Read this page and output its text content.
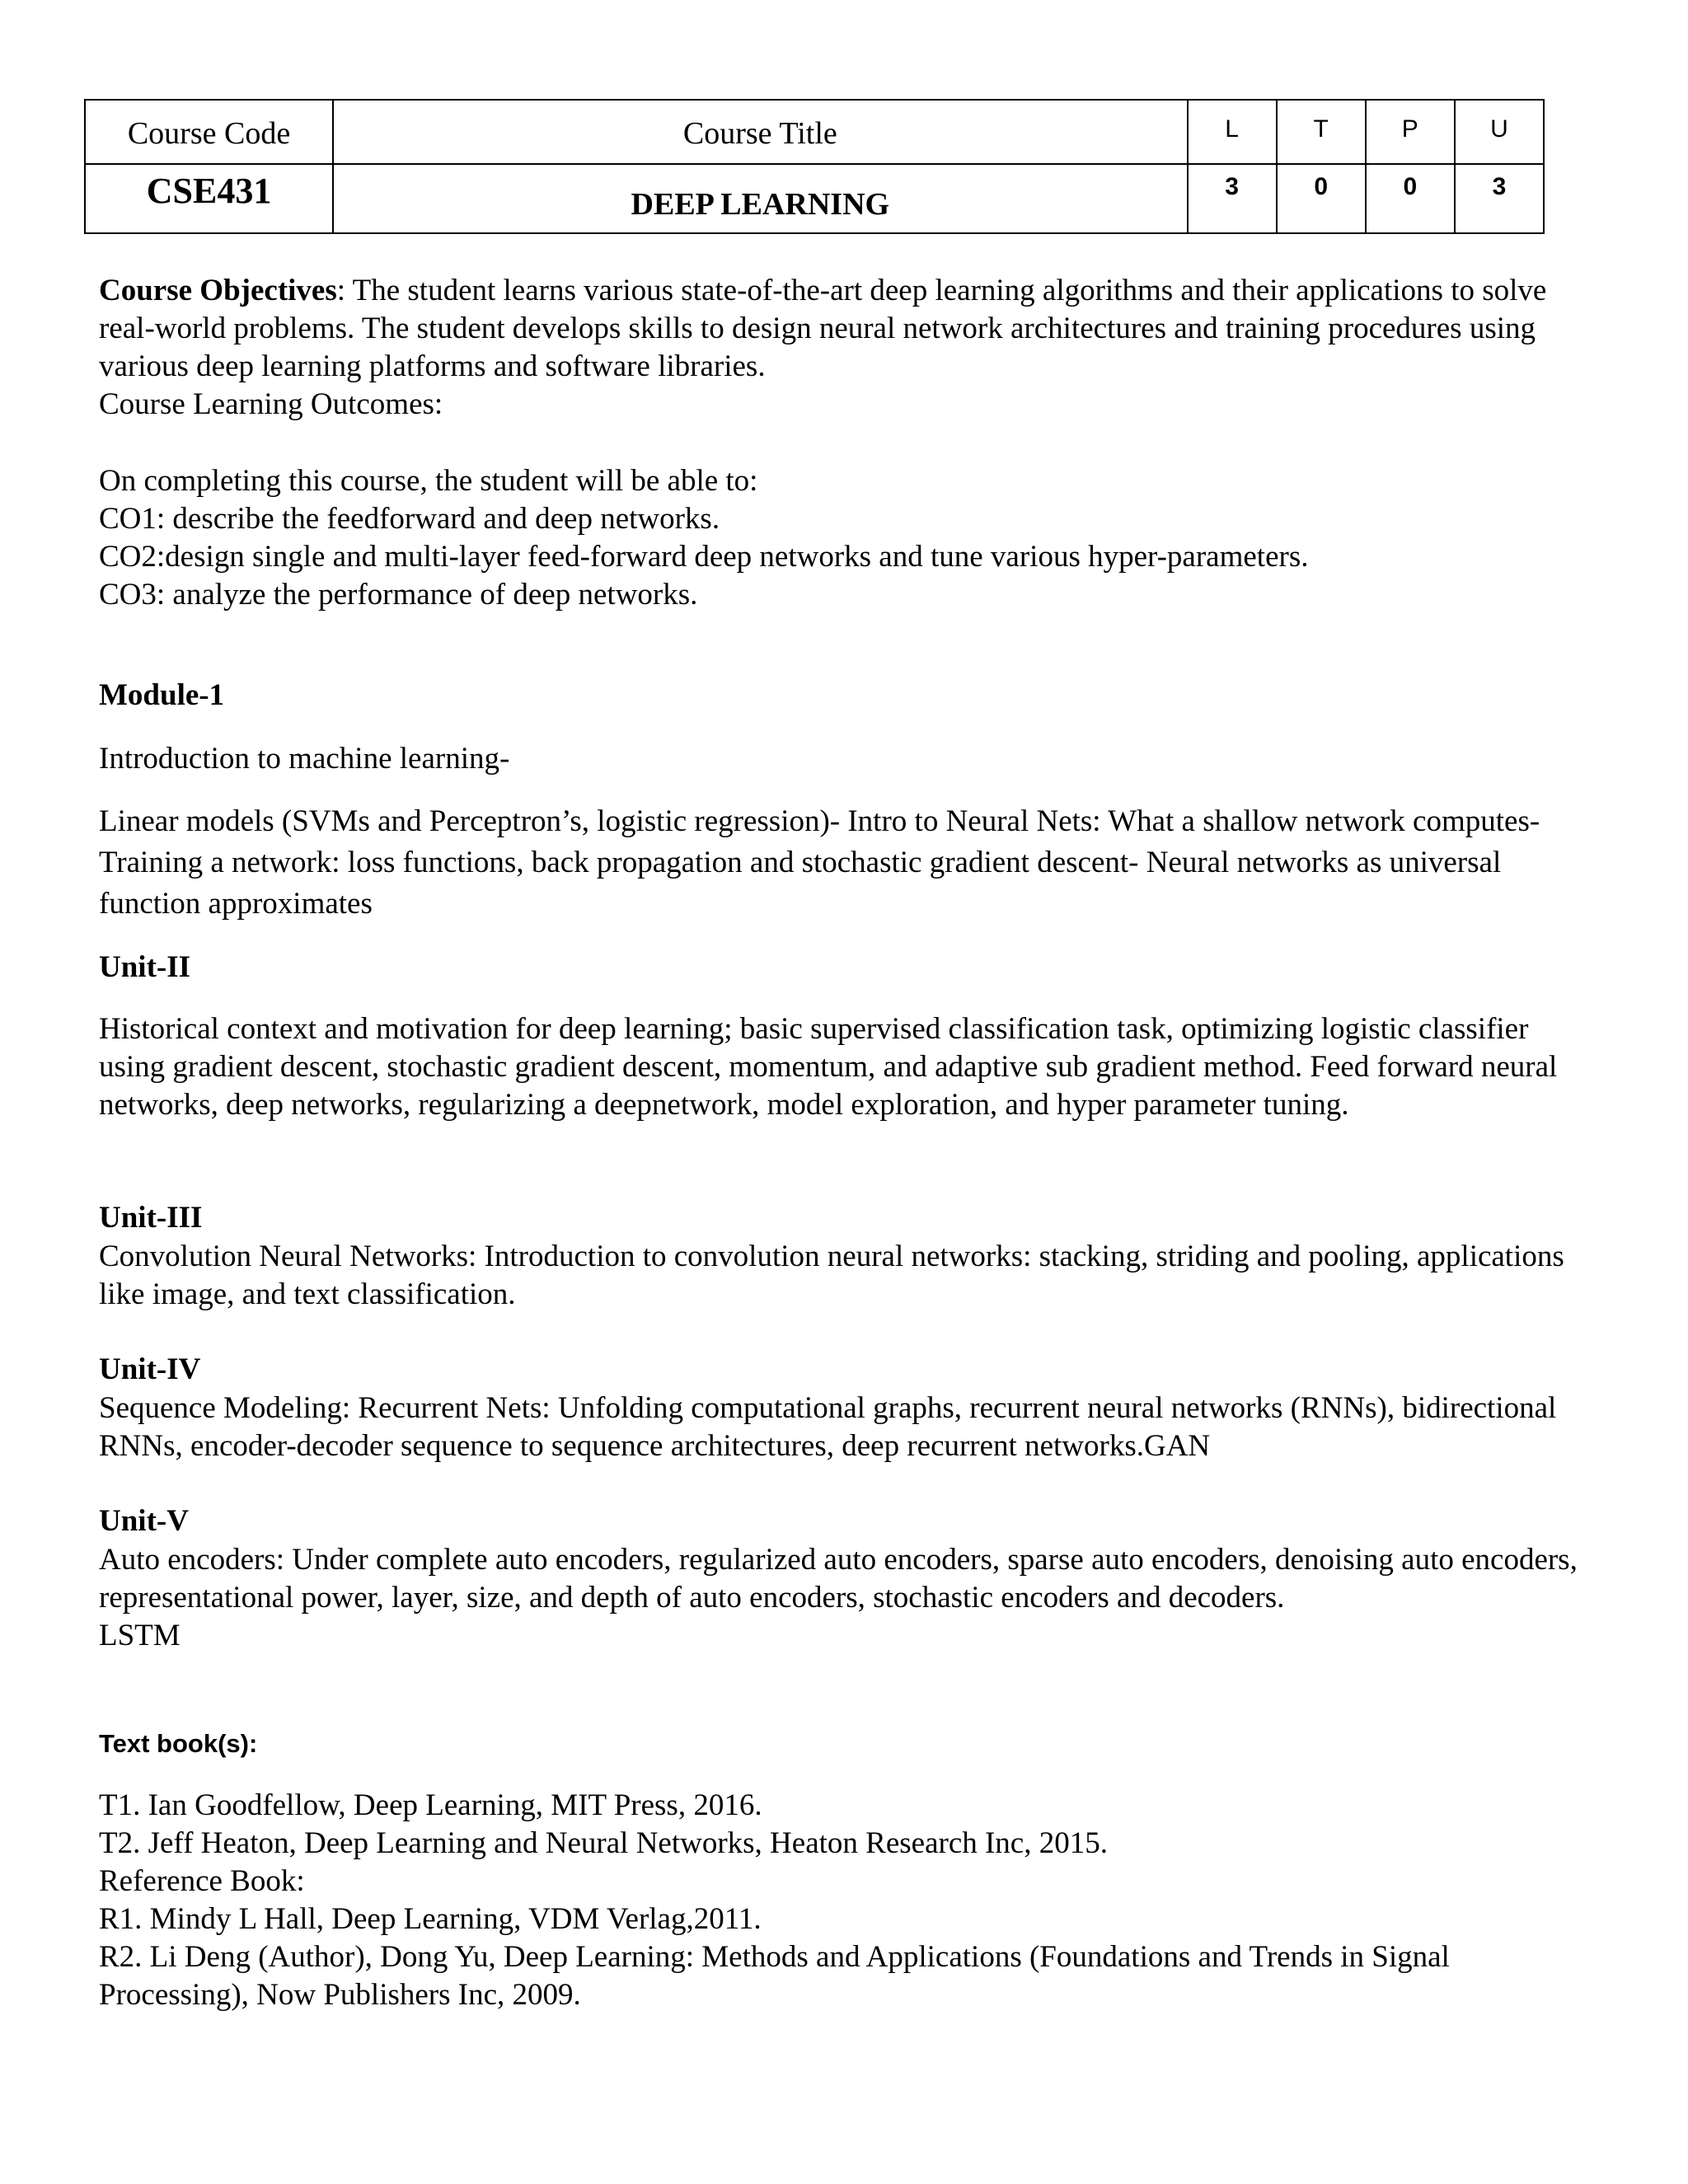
Course Code	Course Title	L	T	P	U

CSE431	DEEP LEARNING	3	0	0	3
Course Objectives: The student learns various state-of-the-art deep learning algorithms and their applications to solve real-world problems. The student develops skills to design neural network architectures and training procedures using various deep learning platforms and software libraries.
Course Learning Outcomes:
On completing this course, the student will be able to:
CO1: describe the feedforward and deep networks.
CO2:design single and multi-layer feed-forward deep networks and tune various hyper-parameters.
CO3: analyze the performance of deep networks.
Module-1
Introduction to machine learning-
Linear models (SVMs and Perceptron’s, logistic regression)- Intro to Neural Nets: What a shallow network computes- Training a network: loss functions, back propagation and stochastic gradient descent- Neural networks as universal function approximates
Unit-II
Historical context and motivation for deep learning; basic supervised classification task, optimizing logistic classifier using gradient descent, stochastic gradient descent, momentum, and adaptive sub gradient method. Feed forward neural networks, deep networks, regularizing a deepnetwork, model exploration, and hyper parameter tuning.
Unit-III
Convolution Neural Networks: Introduction to convolution neural networks: stacking, striding and pooling, applications like image, and text classification.
Unit-IV
Sequence Modeling: Recurrent Nets: Unfolding computational graphs, recurrent neural networks (RNNs), bidirectional RNNs, encoder-decoder sequence to sequence architectures, deep recurrent networks.GAN
Unit-V
Auto encoders: Under complete auto encoders, regularized auto encoders, sparse auto encoders, denoising auto encoders, representational power, layer, size, and depth of auto encoders, stochastic encoders and decoders.
LSTM
Text book(s):
T1. Ian Goodfellow, Deep Learning, MIT Press, 2016.
T2. Jeff Heaton, Deep Learning and Neural Networks, Heaton Research Inc, 2015.
Reference Book:
R1. Mindy L Hall, Deep Learning, VDM Verlag,2011.
R2. Li Deng (Author), Dong Yu, Deep Learning: Methods and Applications (Foundations and Trends in Signal Processing), Now Publishers Inc, 2009.
